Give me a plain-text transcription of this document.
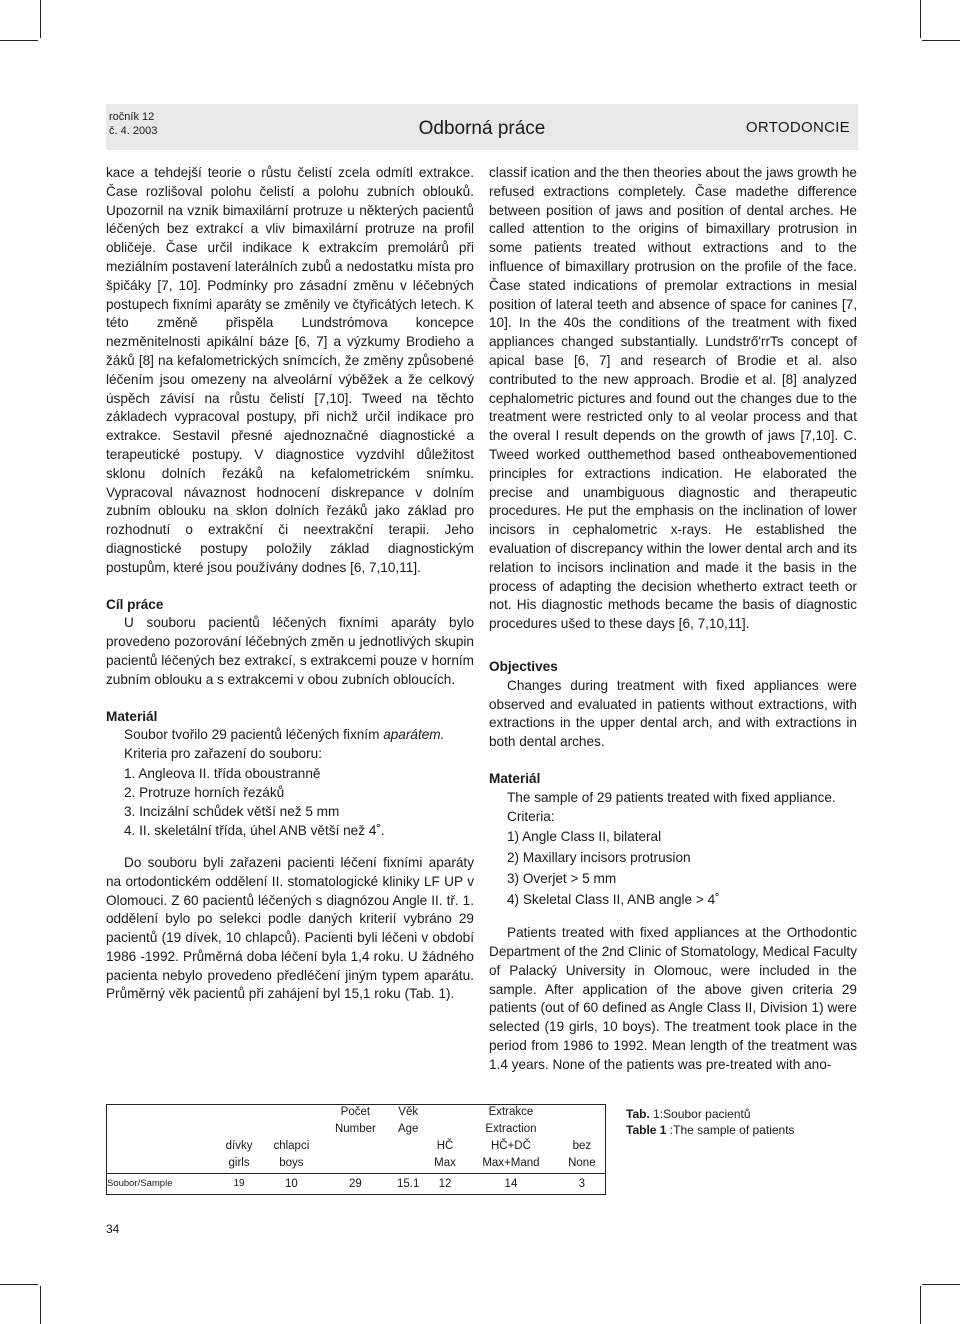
ročník 12
č. 4. 2003	Odborná práce	ORTODONCIE

kace a tehdejší teorie o růstu čelistí zcela odmítl extrakce. Čase rozlišoval polohu čelistí a polohu zubních oblouků. Upozornil na vznik bimaxilární protruze u některých pacientů léčených bez extrakcí a vliv bimaxilární protruze na profil obličeje. Čase určil indikace k extrakcím premolárů při meziálním postavení laterálních zubů a nedostatku místa pro špičáky [7, 10]. Podmínky pro zásadní změnu v léčebných postupech fixními aparáty se změnily ve čtyřicátých letech. K této změně přispěla Lundstrómova koncepce nezměnitelnosti apikální báze [6, 7] a výzkumy Brodieho a žáků [8] na kefalometrických snímcích, že změny způsobené léčením jsou omezeny na alveolární výběžek a že celkový úspěch závisí na růstu čelistí [7,10]. Tweed na těchto základech vypracoval postupy, při nichž určil indikace pro extrakce. Sestavil přesné ajednoznačné diagnostické a terapeutické postupy. V diagnostice vyzdvihl důležitost sklonu dolních řezáků na kefalometrickém snímku. Vypracoval návaznost hodnocení diskrepance v dolním zubním oblouku na sklon dolních řezáků jako základ pro rozhodnutí o extrakční či neextrakční terapii. Jeho diagnostické postupy položily základ diagnostickým postupům, které jsou používány dodnes [6, 7,10,11].

Cíl práce

U souboru pacientů léčených fixními aparáty bylo provedeno pozorování léčebných změn u jednotlivých skupin pacientů léčených bez extrakcí, s extrakcemi pouze v horním zubním oblouku a s extrakcemi v obou zubních obloucích.

Materiál

Soubor tvořilo 29 pacientů léčených fixním aparátem.

Kriteria pro zařazení do souboru:

1. Angleova II. třída oboustranně
2. Protruze horních řezáků
3. Incizální schůdek větší než 5 mm
4. II. skeletální třída, úhel ANB větší než 4˚.

Do souboru byli zařazeni pacienti léčení fixními aparáty na ortodontickém oddělení II. stomatologické kliniky LF UP v Olomouci. Z 60 pacientů léčených s diagnózou Angle II. tř. 1. oddělení bylo po selekci podle daných kriterií vybráno 29 pacientů (19 dívek, 10 chlapců). Pacienti byli léčeni v období 1986 -1992. Průměrná doba léčení byla 1,4 roku. U žádného pacienta nebylo provedeno předléčení jiným typem aparátu. Průměrný věk pacientů při zahájení byl 15,1 roku (Tab. 1).

classif ication and the then theories about the jaws growth he refused extractions completely. Čase madethe difference between position of jaws and position of dental arches. He called attention to the origins of bimaxillary protrusion in some patients treated without extractions and to the influence of bimaxillary protrusion on the profile of the face. Čase stated indications of premolar extractions in mesial position of lateral teeth and absence of space for canines [7, 10]. In the 40s the conditions of the treatment with fixed appliances changed substantially. Lundstrő'rrTs concept of apical base [6, 7] and research of Brodie et al. also contributed to the new approach. Brodie et al. [8] analyzed cephalometric pictures and found out the changes due to the treatment were restricted only to al veolar process and that the overal I result depends on the growth of jaws [7,10]. C. Tweed worked outthemethod based ontheabovementioned principles for extractions indication. He elaborated the precise and unambiguous diagnostic and therapeutic procedures. He put the emphasis on the inclination of lower incisors in cephalometric x-rays. He established the evaluation of discrepancy within the lower dental arch and its relation to incisors inclination and made it the basis in the process of adapting the decision whetherto extract teeth or not. His diagnostic methods became the basis of diagnostic procedures ušed to these days [6, 7,10,11].

Objectives

Changes during treatment with fixed appliances were observed and evaluated in patients without extractions, with extractions in the upper dental arch, and with extractions in both dental arches.

Materiál

The sample of 29 patients treated with fixed appliance.

Criteria:

1) Angle Class II, bilateral
2) Maxillary incisors protrusion
3) Overjet > 5 mm
4) Skeletal Class II, ANB angle > 4˚

Patients treated with fixed appliances at the Orthodontic Department of the 2nd Clinic of Stomatology, Medical Faculty of Palacký University in Olomouc, were included in the sample. After application of the above given criteria 29 patients (out of 60 defined as Angle Class II, Division 1) were selected (19 girls, 10 boys). The treatment took place in the period from 1986 to 1992. Mean length of the treatment was 1.4 years. None of the patients was pre-treated with ano-

			Počet	Věk		Extrakce	
			Number	Age		Extraction	
	dívky	chlapci			HČ	HČ+DČ	bez
	girls	boys			Max	Max+Mand	None
Soubor/Sample	19	10	29	15.1	12	14	3
Tab. 1:Soubor pacientů
Table 1 :The sample of patients
34
